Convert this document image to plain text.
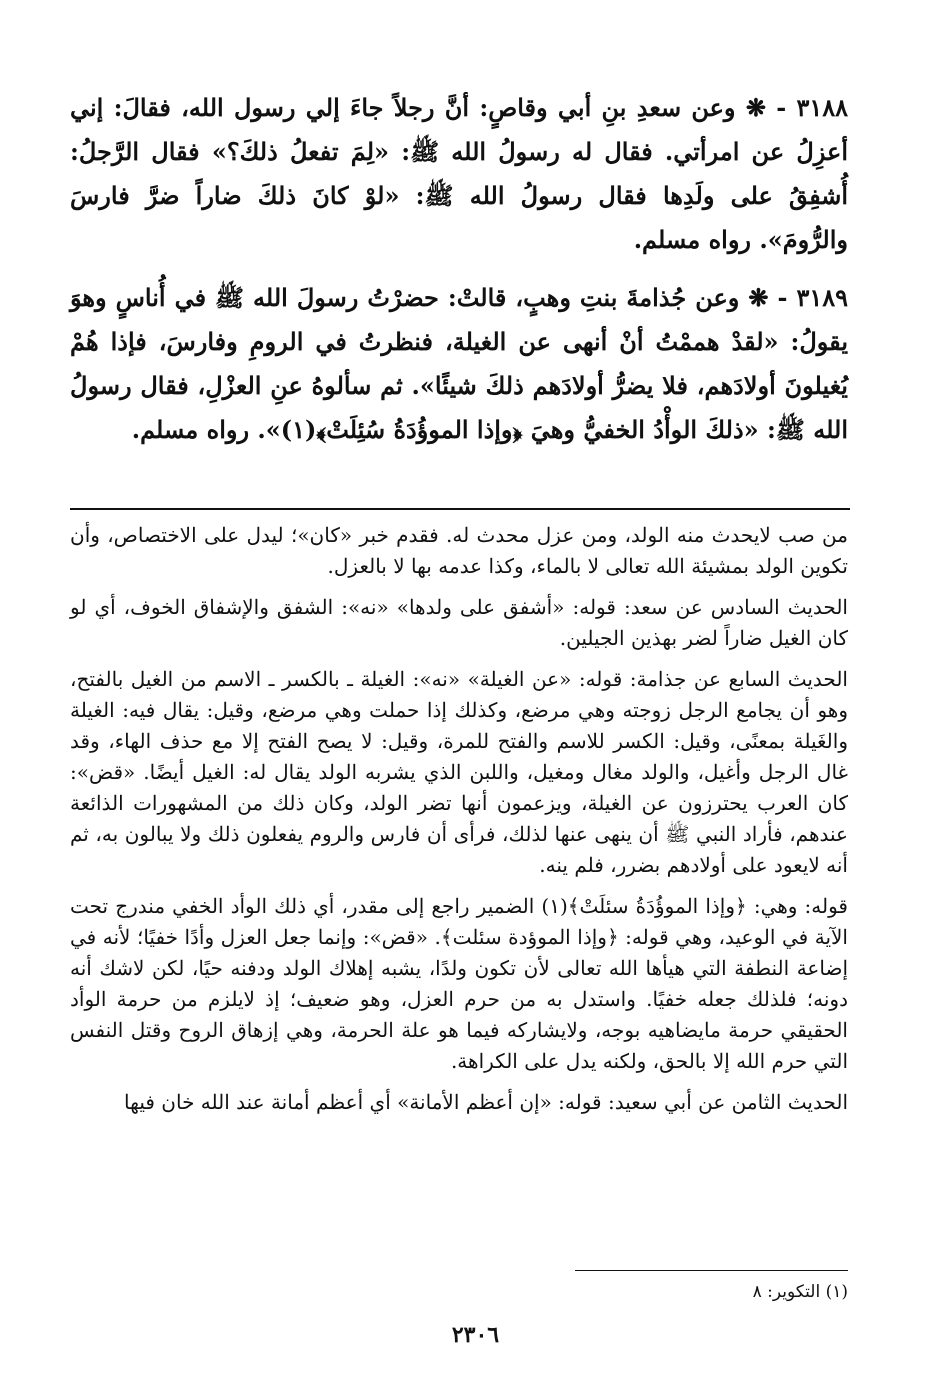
٣١٨٨ - ❋ وعن سعدِ بنِ أبي وقاصٍ: أنَّ رجلاً جاءَ إلي رسول الله، فقالَ: إني أعزِلُ عن امرأتي. فقال له رسولُ الله ﷺ: «لِمَ تفعلُ ذلكَ؟» فقال الرَّجلُ: أُشفِقُ على ولَدِها فقال رسولُ الله ﷺ: «لوْ كانَ ذلكَ ضاراً ضرَّ فارسَ والرُّومَ». رواه مسلم.

٣١٨٩ - ❋ وعن جُذامةَ بنتِ وهبٍ، قالتْ: حضرْتُ رسولَ الله ﷺ في أُناسٍ وهوَ يقولُ: «لقدْ هممْتُ أنْ أنهى عن الغيلة، فنظرتُ في الرومِ وفارسَ، فإذا هُمْ يُغيلونَ أولادَهم، فلا يضرُّ أولادَهم ذلكَ شيئًا». ثم سألوهُ عنِ العزْلِ، فقال رسولُ الله ﷺ: «ذلكَ الوأْدُ الخفيُّ وهيَ ﴿وإذا الموؤُدَةُ سُئِلَتْ﴾(١)». رواه مسلم.

من صب لايحدث منه الولد، ومن عزل محدث له. فقدم خبر «كان»؛ ليدل على الاختصاص، وأن تكوين الولد بمشيئة الله تعالى لا بالماء، وكذا عدمه بها لا بالعزل.

الحديث السادس عن سعد: قوله: «أشفق على ولدها» «نه»: الشفق والإشفاق الخوف، أي لو كان الغيل ضاراً لضر بهذين الجيلين.

الحديث السابع عن جذامة: قوله: «عن الغيلة» «نه»: الغيلة ـ بالكسر ـ الاسم من الغيل بالفتح، وهو أن يجامع الرجل زوجته وهي مرضع، وكذلك إذا حملت وهي مرضع، وقيل: يقال فيه: الغيلة والغَيلة بمعنًى، وقيل: الكسر للاسم والفتح للمرة، وقيل: لا يصح الفتح إلا مع حذف الهاء، وقد غال الرجل وأغيل، والولد مغال ومغيل، واللبن الذي يشربه الولد يقال له: الغيل أيضًا. «قض»: كان العرب يحترزون عن الغيلة، ويزعمون أنها تضر الولد، وكان ذلك من المشهورات الذائعة عندهم، فأراد النبي ﷺ أن ينهى عنها لذلك، فرأى أن فارس والروم يفعلون ذلك ولا يبالون به، ثم أنه لايعود على أولادهم بضرر، فلم ينه.

قوله: وهي: ﴿وإذا الموؤُدَةُ سئلَتْ﴾(١) الضمير راجع إلى مقدر، أي ذلك الوأد الخفي مندرج تحت الآية في الوعيد، وهي قوله: ﴿وإذا الموؤدة سئلت﴾. «قض»: وإنما جعل العزل وأدًا خفيًا؛ لأنه في إضاعة النطفة التي هيأها الله تعالى لأن تكون ولدًا، يشبه إهلاك الولد ودفنه حيًا، لكن لاشك أنه دونه؛ فلذلك جعله خفيًا. واستدل به من حرم العزل، وهو ضعيف؛ إذ لايلزم من حرمة الوأد الحقيقي حرمة مايضاهيه بوجه، ولايشاركه فيما هو علة الحرمة، وهي إزهاق الروح وقتل النفس التي حرم الله إلا بالحق، ولكنه يدل على الكراهة.

الحديث الثامن عن أبي سعيد: قوله: «إن أعظم الأمانة» أي أعظم أمانة عند الله خان فيها

(١) التكوير: ٨
٢٣٠٦
